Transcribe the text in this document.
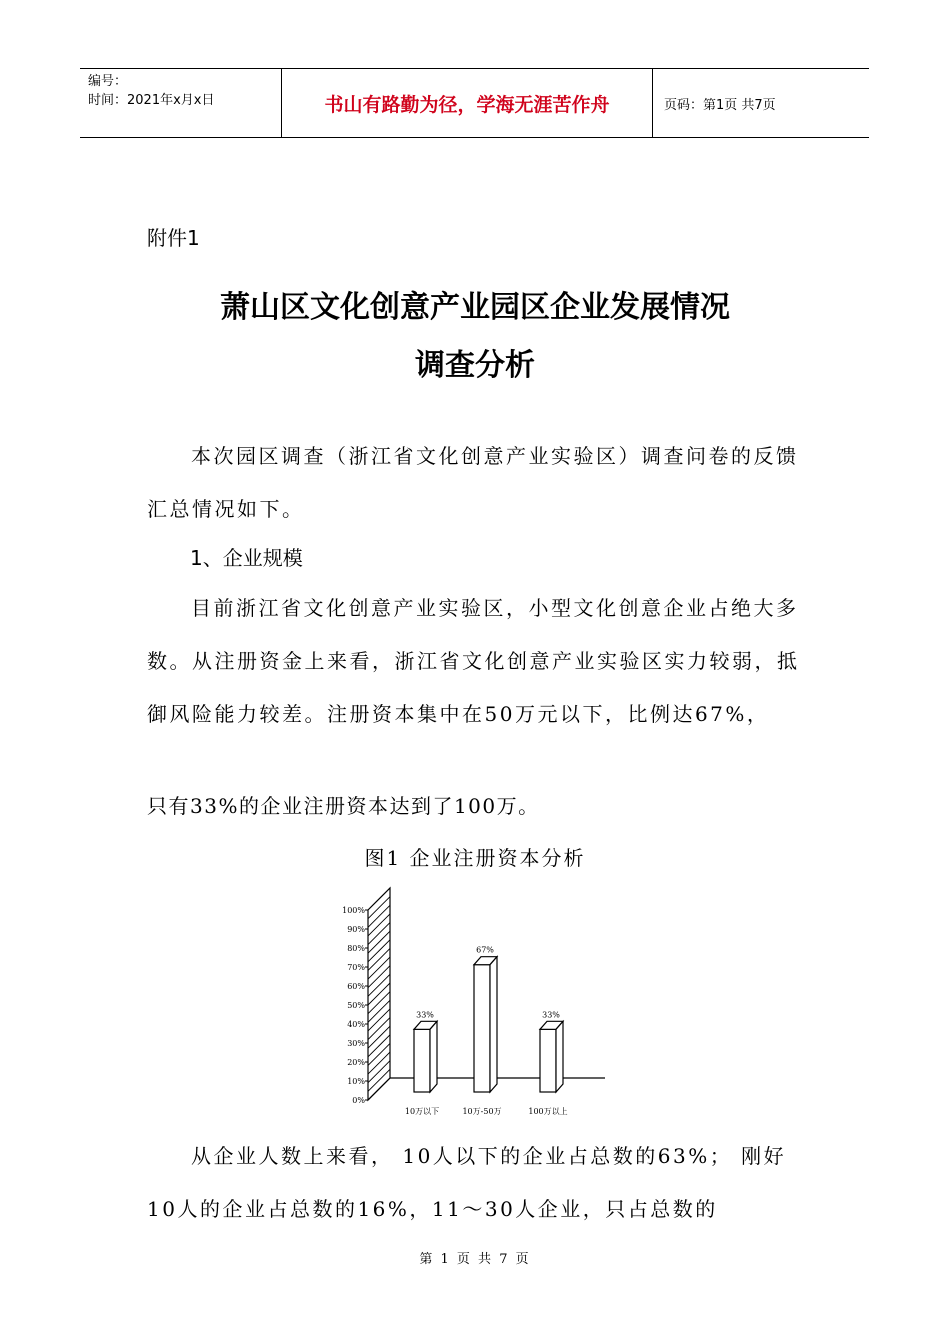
编号：
时间：2021年x月x日	书山有路勤为径，学海无涯苦作舟	页码：第1页 共7页
附件1
萧山区文化创意产业园区企业发展情况
调查分析
本次园区调查（浙江省文化创意产业实验区）调查问卷的反馈汇总情况如下。
1、企业规模
目前浙江省文化创意产业实验区，小型文化创意企业占绝大多数。从注册资金上来看，浙江省文化创意产业实验区实力较弱，抵御风险能力较差。注册资本集中在50万元以下，比例达67%，
只有33%的企业注册资本达到了100万。
图1 企业注册资本分析
0%
10%
20%
30%
40%
50%
60%
70%
80%
90%
100%
33%
10万以下
67%
10万-50万
33%
100万以上
从企业人数上来看， 10人以下的企业占总数的63%； 刚好10人的企业占总数的16%，11～30人企业，只占总数的
第 1 页 共 7 页
